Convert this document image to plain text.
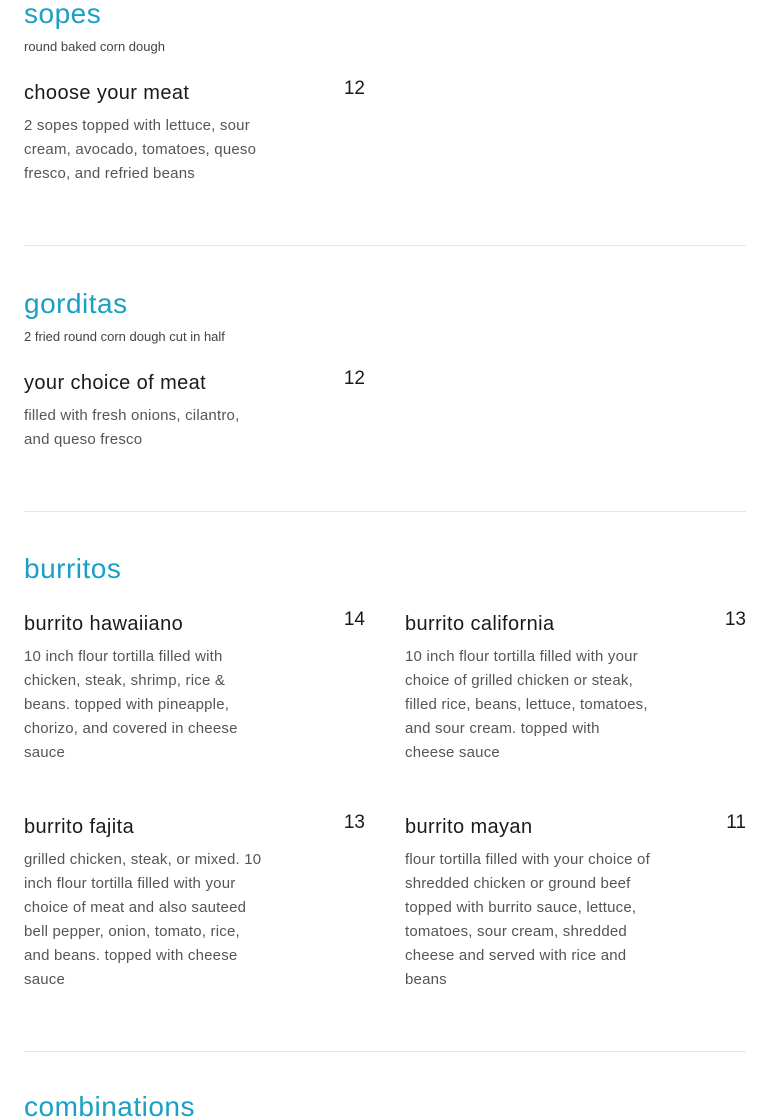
sopes
round baked corn dough
choose your meat	12
2 sopes topped with lettuce, sour cream, avocado, tomatoes, queso fresco, and refried beans
gorditas
2 fried round corn dough cut in half
your choice of meat	12
filled with fresh onions, cilantro, and queso fresco
burritos
burrito hawaiiano	14
10 inch flour tortilla filled with chicken, steak, shrimp, rice & beans. topped with pineapple, chorizo, and covered in cheese sauce
burrito california	13
10 inch flour tortilla filled with your choice of grilled chicken or steak, filled rice, beans, lettuce, tomatoes, and sour cream. topped with cheese sauce
burrito fajita	13
grilled chicken, steak, or mixed. 10 inch flour tortilla filled with your choice of meat and also sauteed bell pepper, onion, tomato, rice, and beans. topped with cheese sauce
burrito mayan	11
flour tortilla filled with your choice of shredded chicken or ground beef topped with burrito sauce, lettuce, tomatoes, sour cream, shredded cheese and served with rice and beans
combinations
